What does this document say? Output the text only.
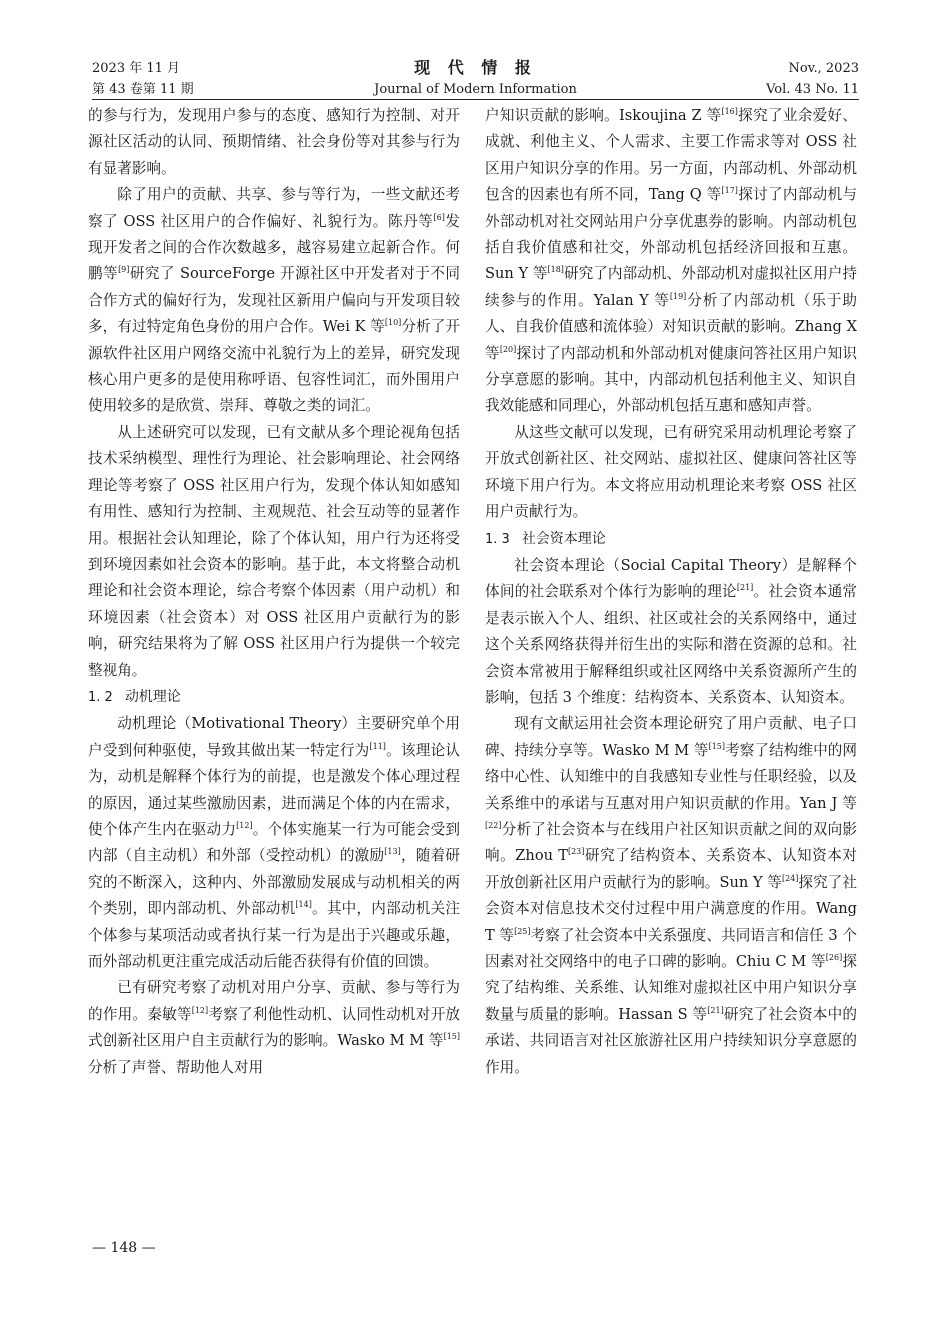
2023 年 11 月	现 代 情 报	Nov., 2023
第 43 卷第 11 期	Journal of Modern Information	Vol. 43 No. 11

的参与行为，发现用户参与的态度、感知行为控制、对开源社区活动的认同、预期情绪、社会身份等对其参与行为有显著影响。

除了用户的贡献、共享、参与等行为，一些文献还考察了 OSS 社区用户的合作偏好、礼貌行为。陈丹等[6]发现开发者之间的合作次数越多，越容易建立起新合作。何鹏等[9]研究了 SourceForge 开源社区中开发者对于不同合作方式的偏好行为，发现社区新用户偏向与开发项目较多，有过特定角色身份的用户合作。Wei K 等[10]分析了开源软件社区用户网络交流中礼貌行为上的差异，研究发现核心用户更多的是使用称呼语、包容性词汇，而外围用户使用较多的是欣赏、崇拜、尊敬之类的词汇。

从上述研究可以发现，已有文献从多个理论视角包括技术采纳模型、理性行为理论、社会影响理论、社会网络理论等考察了 OSS 社区用户行为，发现个体认知如感知有用性、感知行为控制、主观规范、社会互动等的显著作用。根据社会认知理论，除了个体认知，用户行为还将受到环境因素如社会资本的影响。基于此，本文将整合动机理论和社会资本理论，综合考察个体因素（用户动机）和环境因素（社会资本）对 OSS 社区用户贡献行为的影响，研究结果将为了解 OSS 社区用户行为提供一个较完整视角。

1. 2 动机理论

动机理论（Motivational Theory）主要研究单个用户受到何种驱使，导致其做出某一特定行为[11]。该理论认为，动机是解释个体行为的前提，也是激发个体心理过程的原因，通过某些激励因素，进而满足个体的内在需求，使个体产生内在驱动力[12]。个体实施某一行为可能会受到内部（自主动机）和外部（受控动机）的激励[13]，随着研究的不断深入，这种内、外部激励发展成与动机相关的两个类别，即内部动机、外部动机[14]。其中，内部动机关注个体参与某项活动或者执行某一行为是出于兴趣或乐趣，而外部动机更注重完成活动后能否获得有价值的回馈。

已有研究考察了动机对用户分享、贡献、参与等行为的作用。秦敏等[12]考察了利他性动机、认同性动机对开放式创新社区用户自主贡献行为的影响。Wasko M M 等[15]分析了声誉、帮助他人对用

户知识贡献的影响。Iskoujina Z 等[16]探究了业余爱好、成就、利他主义、个人需求、主要工作需求等对 OSS 社区用户知识分享的作用。另一方面，内部动机、外部动机包含的因素也有所不同，Tang Q 等[17]探讨了内部动机与外部动机对社交网站用户分享优惠券的影响。内部动机包括自我价值感和社交，外部动机包括经济回报和互惠。Sun Y 等[18]研究了内部动机、外部动机对虚拟社区用户持续参与的作用。Yalan Y 等[19]分析了内部动机（乐于助人、自我价值感和流体验）对知识贡献的影响。Zhang X 等[20]探讨了内部动机和外部动机对健康问答社区用户知识分享意愿的影响。其中，内部动机包括利他主义、知识自我效能感和同理心，外部动机包括互惠和感知声誉。

从这些文献可以发现，已有研究采用动机理论考察了开放式创新社区、社交网站、虚拟社区、健康问答社区等环境下用户行为。本文将应用动机理论来考察 OSS 社区用户贡献行为。

1. 3 社会资本理论

社会资本理论（Social Capital Theory）是解释个体间的社会联系对个体行为影响的理论[21]。社会资本通常是表示嵌入个人、组织、社区或社会的关系网络中，通过这个关系网络获得并衍生出的实际和潜在资源的总和。社会资本常被用于解释组织或社区网络中关系资源所产生的影响，包括 3 个维度：结构资本、关系资本、认知资本。

现有文献运用社会资本理论研究了用户贡献、电子口碑、持续分享等。Wasko M M 等[15]考察了结构维中的网络中心性、认知维中的自我感知专业性与任职经验，以及关系维中的承诺与互惠对用户知识贡献的作用。Yan J 等[22]分析了社会资本与在线用户社区知识贡献之间的双向影响。Zhou T[23]研究了结构资本、关系资本、认知资本对开放创新社区用户贡献行为的影响。Sun Y 等[24]探究了社会资本对信息技术交付过程中用户满意度的作用。Wang T 等[25]考察了社会资本中关系强度、共同语言和信任 3 个因素对社交网络中的电子口碑的影响。Chiu C M 等[26]探究了结构维、关系维、认知维对虚拟社区中用户知识分享数量与质量的影响。Hassan S 等[21]研究了社会资本中的承诺、共同语言对社区旅游社区用户持续知识分享意愿的作用。

— 148 —
